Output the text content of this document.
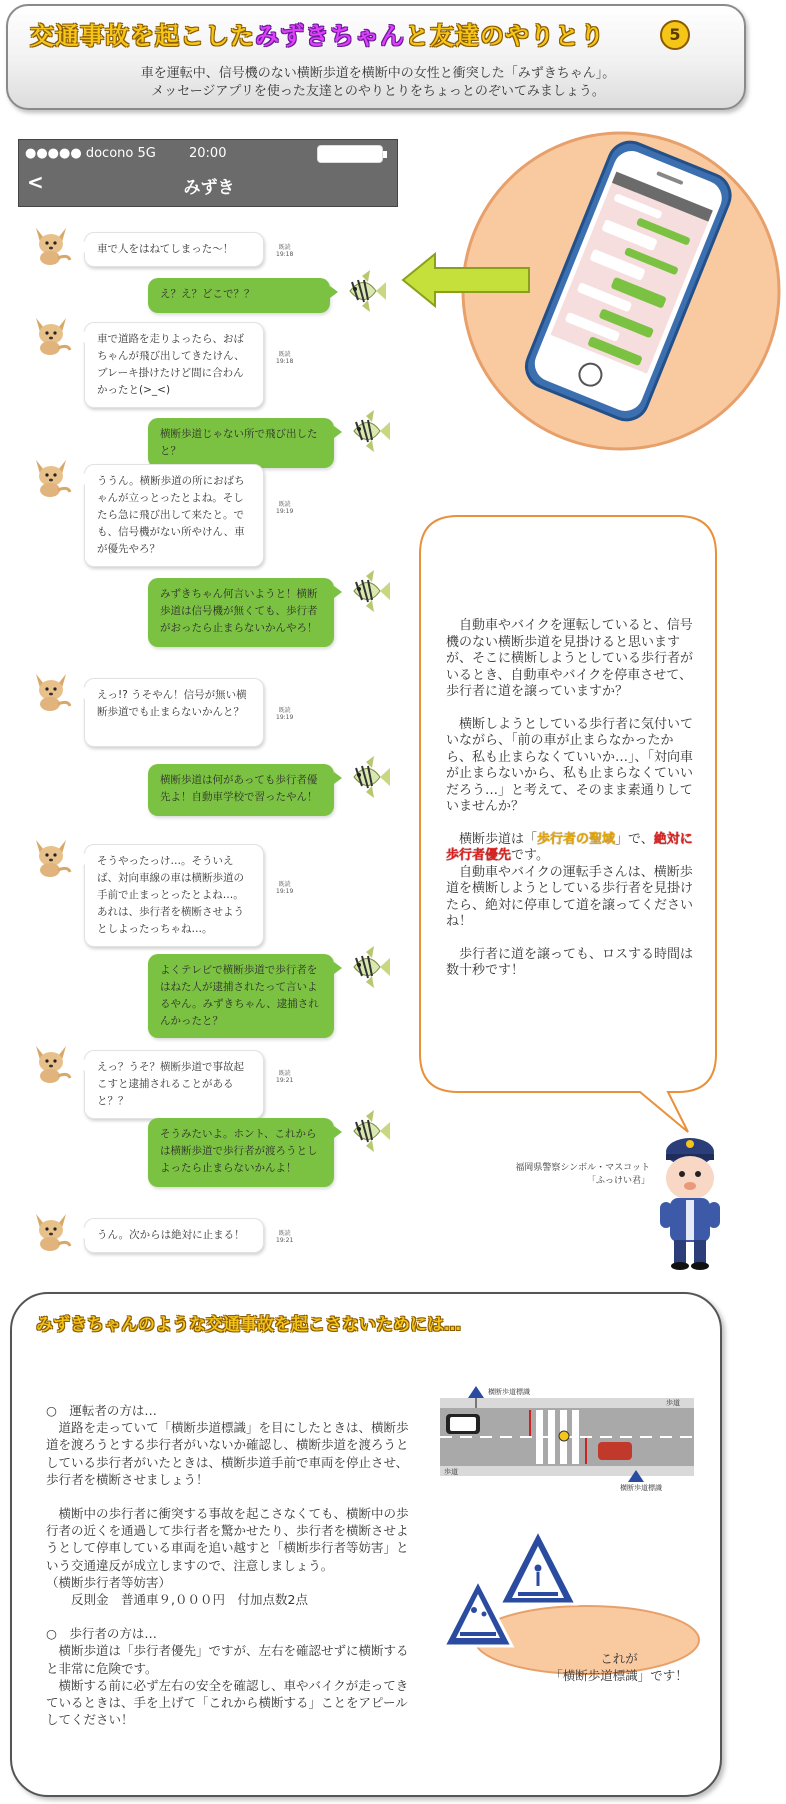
交通事故を起こしたみずきちゃんと友達のやりとり	5
車を運転中、信号機のない横断歩道を横断中の女性と衝突した「みずきちゃん」。
メッセージアプリを使った友達とのやりとりをちょっとのぞいてみましょう。
●●●●● docono 5G	20:00
<	みずき
車で人をはねてしまった〜！	既読
19:18
え？え？どこで？？
車で道路を走りよったら、おばちゃんが飛び出してきたけん、ブレーキ掛けたけど間に合わんかったと(>_<)
既読
19:18
横断歩道じゃない所で飛び出したと？
ううん。横断歩道の所におばちゃんが立っとったとよね。そしたら急に飛び出して来たと。でも、信号機がない所やけん、車が優先やろ？
既読
19:19
みずきちゃん何言いようと！横断歩道は信号機が無くても、歩行者がおったら止まらないかんやろ！
えっ!? うそやん！信号が無い横断歩道でも止まらないかんと？	既読
19:19
横断歩道は何があっても歩行者優先よ！自動車学校で習ったやん！
そうやったっけ…。そういえば、対向車線の車は横断歩道の手前で止まっとったとよね…。あれは、歩行者を横断させようとしよったっちゃね…。
既読
19:19
よくテレビで横断歩道で歩行者をはねた人が逮捕されたって言いよるやん。みずきちゃん、逮捕されんかったと？
えっ？うそ？横断歩道で事故起こすと逮捕されることがあると？？
既読
19:21
そうみたいよ。ホント、これからは横断歩道で歩行者が渡ろうとしよったら止まらないかんよ！
うん。次からは絶対に止まる！	既読
19:21

　自動車やバイクを運転していると、信号機のない横断歩道を見掛けると思いますが、そこに横断しようとしている歩行者がいるとき、自動車やバイクを停車させて、歩行者に道を譲っていますか？

　横断しようとしている歩行者に気付いていながら、「前の車が止まらなかったから、私も止まらなくていいか…」、「対向車が止まらないから、私も止まらなくていいだろう…」と考えて、そのまま素通りしていませんか？

　横断歩道は「歩行者の聖域」で、絶対に歩行者優先です。

　自動車やバイクの運転手さんは、横断歩道を横断しようとしている歩行者を見掛けたら、絶対に停車して道を譲ってくださいね！

　歩行者に道を譲っても、ロスする時間は数十秒です！

福岡県警察シンボル・マスコット
「ふっけい君」
みずきちゃんのような交通事故を起こさないためには…

○　運転者の方は…

　道路を走っていて「横断歩道標識」を目にしたときは、横断歩道を渡ろうとする歩行者がいないか確認し、横断歩道を渡ろうとしている歩行者がいたときは、横断歩道手前で車両を停止させ、歩行者を横断させましょう！

　横断中の歩行者に衝突する事故を起こさなくても、横断中の歩行者の近くを通過して歩行者を驚かせたり、歩行者を横断させようとして停車している車両を追い越すと「横断歩行者等妨害」という交通違反が成立しますので、注意しましょう。

（横断歩行者等妨害）

　　反則金　普通車９,０００円　付加点数2点

○　歩行者の方は…

　横断歩道は「歩行者優先」ですが、左右を確認せずに横断すると非常に危険です。

　横断する前に必ず左右の安全を確認し、車やバイクが走ってきているときは、手を上げて「これから横断する」ことをアピールしてください！

横断歩道標識
歩道
歩道
横断歩道標識
これが
「横断歩道標識」です！
